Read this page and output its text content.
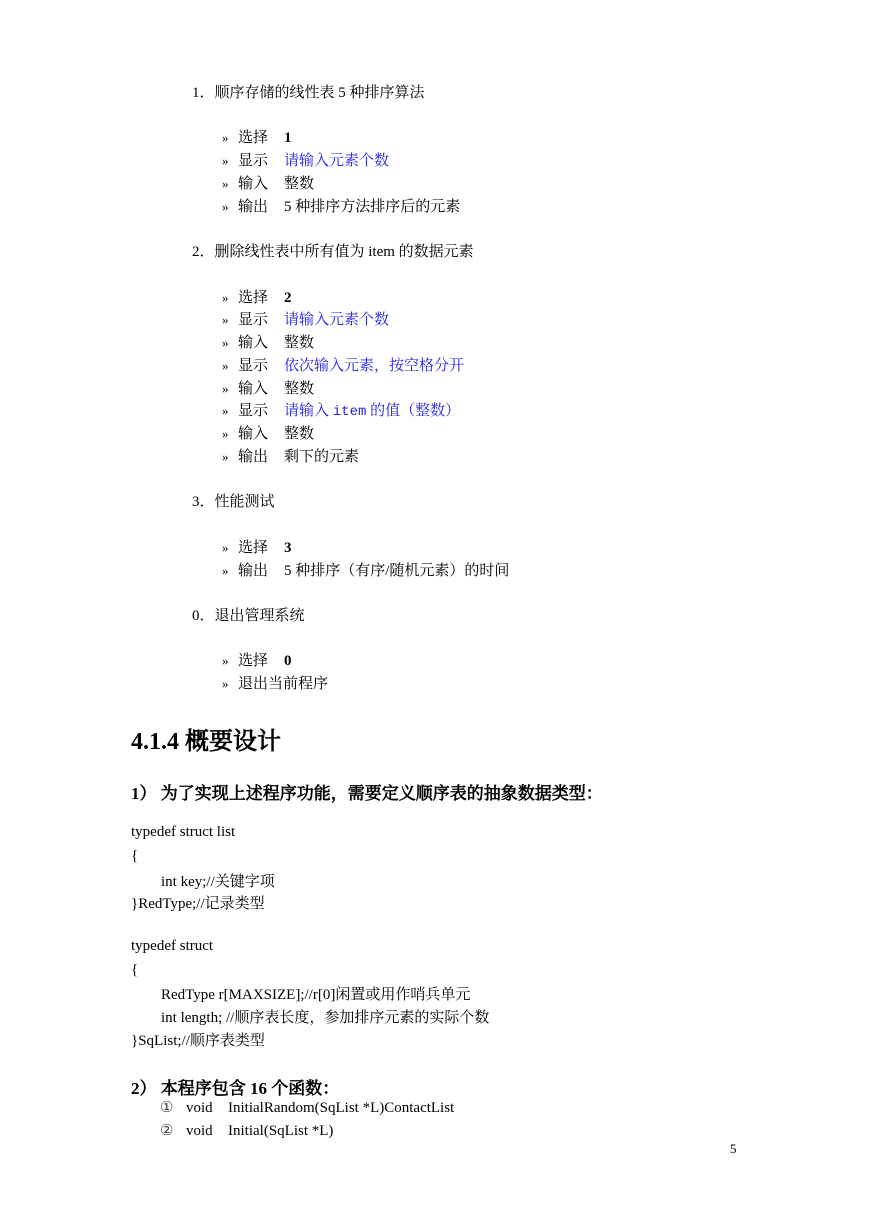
1．顺序存储的线性表 5 种排序算法
» 选择 1
» 显示 请输入元素个数
» 输入 整数
» 输出 5 种排序方法排序后的元素
2．删除线性表中所有值为 item 的数据元素
» 选择 2
» 显示 请输入元素个数
» 输入 整数
» 显示 依次输入元素，按空格分开
» 输入 整数
» 显示 请输入 item 的值（整数）
» 输入 整数
» 输出 剩下的元素
3．性能测试
» 选择 3
» 输出 5 种排序（有序/随机元素）的时间
0．退出管理系统
» 选择 0
» 退出当前程序
4.1.4 概要设计
1） 为了实现上述程序功能，需要定义顺序表的抽象数据类型：
typedef struct list
{
int key;//关键字项
}RedType;//记录类型
typedef struct
{
RedType r[MAXSIZE];//r[0]闲置或用作哨兵单元
int length; //顺序表长度，参加排序元素的实际个数
}SqList;//顺序表类型
2） 本程序包含 16 个函数：
① void InitialRandom(SqList *L)ContactList
② void Initial(SqList *L)
5
